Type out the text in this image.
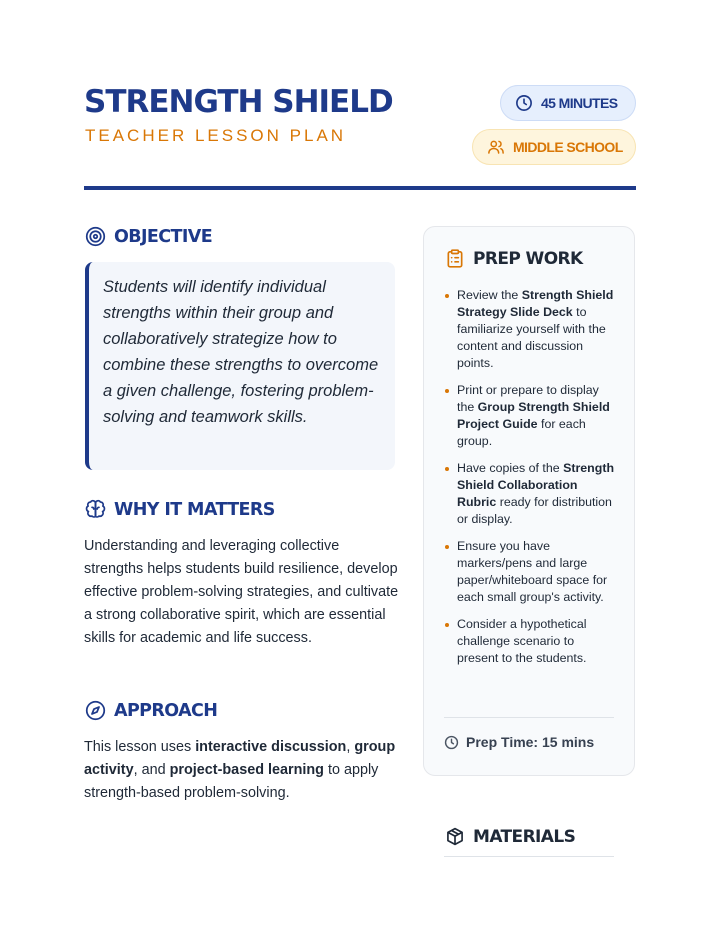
STRENGTH SHIELD
TEACHER LESSON PLAN
45 MINUTES
MIDDLE SCHOOL
OBJECTIVE

Students will identify individual strengths within their group and collaboratively strategize how to combine these strengths to overcome a given challenge, fostering problem-solving and teamwork skills.

WHY IT MATTERS

Understanding and leveraging collective strengths helps students build resilience, develop effective problem-solving strategies, and cultivate a strong collaborative spirit, which are essential skills for academic and life success.

APPROACH

This lesson uses interactive discussion, group activity, and project-based learning to apply strength-based problem-solving.

PREP WORK
Review the Strength Shield Strategy Slide Deck to familiarize yourself with the content and discussion points.
Print or prepare to display the Group Strength Shield Project Guide for each group.
Have copies of the Strength Shield Collaboration Rubric ready for distribution or display.
Ensure you have markers/pens and large paper/whiteboard space for each small group's activity.
Consider a hypothetical challenge scenario to present to the students.
Prep Time: 15 mins
MATERIALS
